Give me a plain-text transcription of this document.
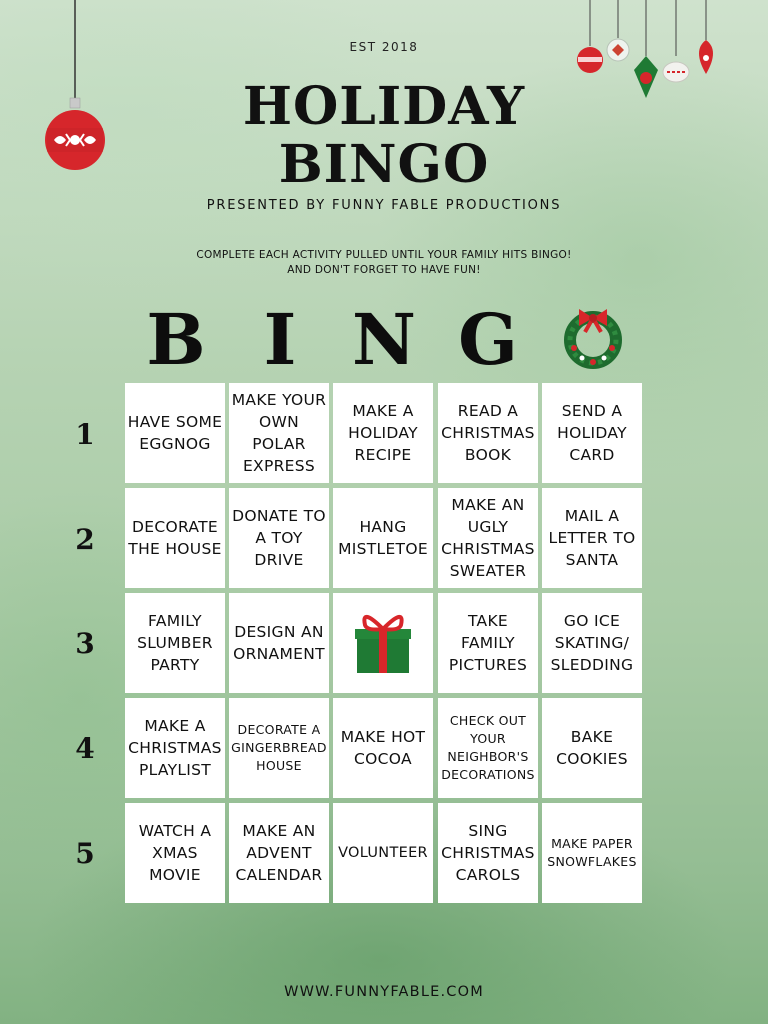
EST 2018
HOLIDAY
BINGO
PRESENTED BY FUNNY FABLE PRODUCTIONS
COMPLETE EACH ACTIVITY PULLED UNTIL YOUR FAMILY HITS BINGO!
AND DON'T FORGET TO HAVE FUN!
B I N G
1
2
3
4
5
HAVE SOME EGGNOG
MAKE YOUR OWN POLAR EXPRESS
MAKE A HOLIDAY RECIPE
READ A CHRISTMAS BOOK
SEND A HOLIDAY CARD
DECORATE THE HOUSE
DONATE TO A TOY DRIVE
HANG MISTLETOE
MAKE AN UGLY CHRISTMAS SWEATER
MAIL A LETTER TO SANTA
FAMILY SLUMBER PARTY
DESIGN AN ORNAMENT
TAKE FAMILY PICTURES
GO ICE SKATING/ SLEDDING
MAKE A CHRISTMAS PLAYLIST
DECORATE A GINGERBREAD HOUSE
MAKE HOT COCOA
CHECK OUT YOUR NEIGHBOR'S DECORATIONS
BAKE COOKIES
WATCH A XMAS MOVIE
MAKE AN ADVENT CALENDAR
VOLUNTEER
SING CHRISTMAS CAROLS
MAKE PAPER SNOWFLAKES
WWW.FUNNYFABLE.COM
